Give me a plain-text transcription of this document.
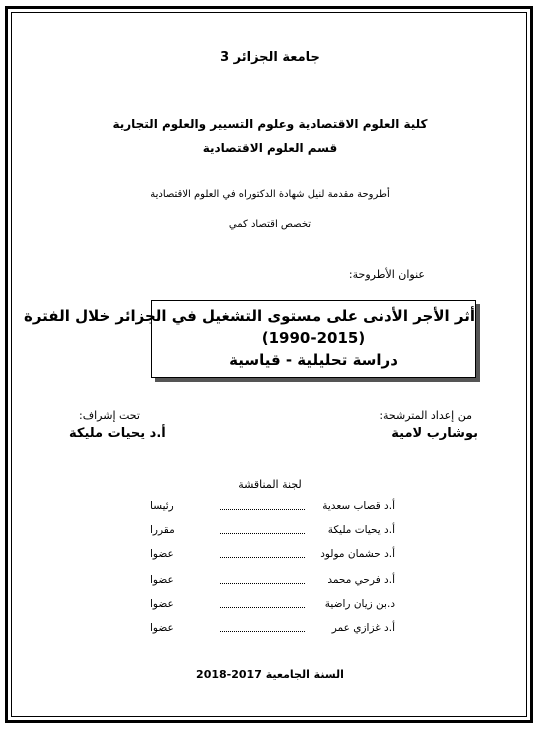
جامعة الجزائر 3
كلية العلوم الاقتصادية وعلوم التسيير والعلوم التجارية
قسم العلوم الاقتصادية
أطروحة مقدمة لنيل شهادة الدكتوراه في العلوم الاقتصادية
تخصص اقتصاد كمي
عنوان الأطروحة:
أثر الأجر الأدنى على مستوى التشغيل في الجزائر خلال الفترة
(1990-2015)
دراسة تحليلية - قياسية
من إعداد المترشحة:
بوشارب لامية
تحت إشراف:
أ.د يحيات مليكة
لجنة المناقشة
أ.د قصاب سعدية
رئيسا
أ.د يحيات مليكة
مقررا
أ.د حشمان مولود
عضوا
أ.د فرحي محمد
عضوا
د.بن زيان راضية
عضوا
أ.د غزازي عمر
عضوا
السنة الجامعية 2017-2018
